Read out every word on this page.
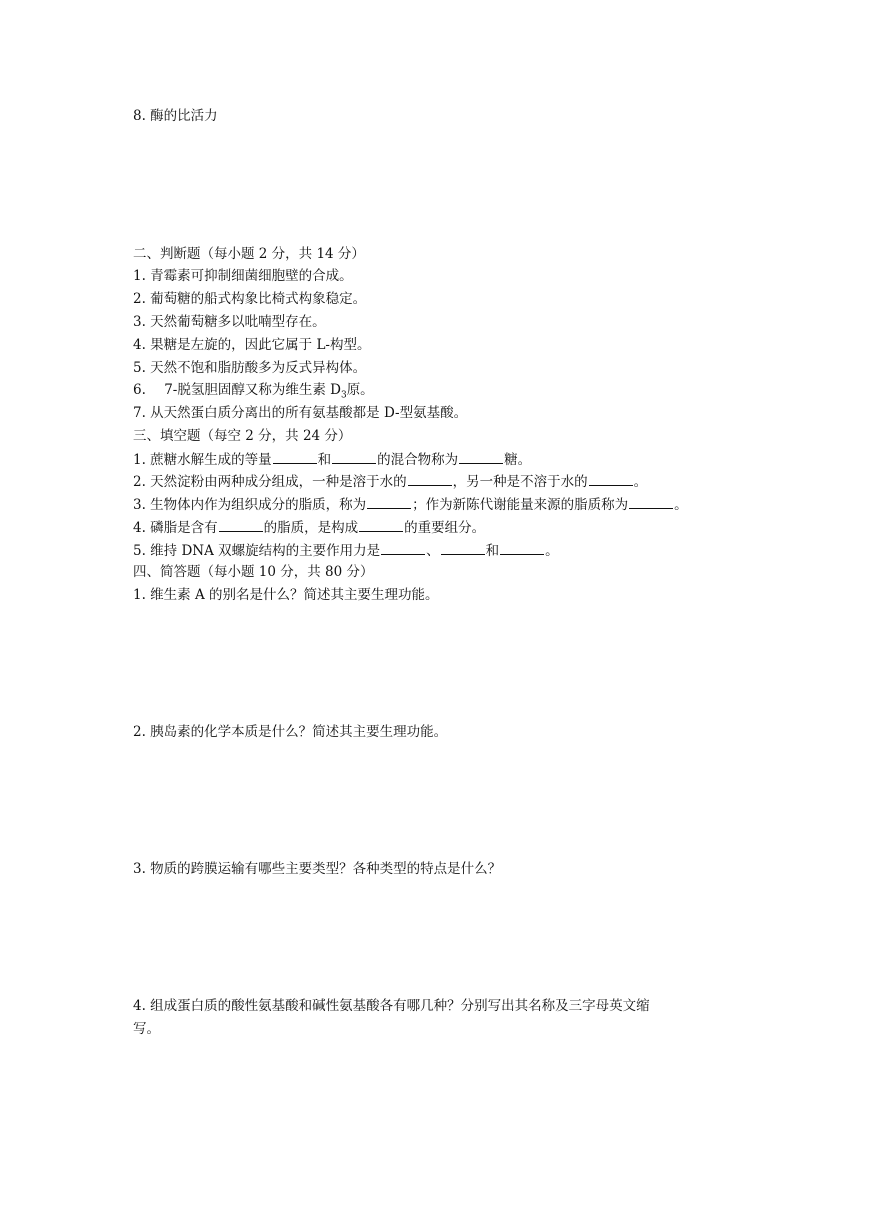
8. 酶的比活力
二、判断题（每小题 2 分，共 14 分）
1. 青霉素可抑制细菌细胞壁的合成。
2. 葡萄糖的船式构象比椅式构象稳定。
3. 天然葡萄糖多以吡喃型存在。
4. 果糖是左旋的，因此它属于 L-构型。
5. 天然不饱和脂肪酸多为反式异构体。
6. 7-脱氢胆固醇又称为维生素 $D_3$原。
7. 从天然蛋白质分离出的所有氨基酸都是 D-型氨基酸。
三、填空题（每空 2 分，共 24 分）
1. 蔗糖水解生成的等量	和	的混合物称为	糖。
2. 天然淀粉由两种成分组成，一种是溶于水的	，另一种是不溶于水的	。
3. 生物体内作为组织成分的脂质，称为	；作为新陈代谢能量来源的脂质称为	。
4. 磷脂是含有	的脂质，是构成	的重要组分。
5. 维持 DNA 双螺旋结构的主要作用力是	、	和	。
四、简答题（每小题 10 分，共 80 分）
1. 维生素 A 的别名是什么？简述其主要生理功能。
2. 胰岛素的化学本质是什么？简述其主要生理功能。
3. 物质的跨膜运输有哪些主要类型？各种类型的特点是什么？
4. 组成蛋白质的酸性氨基酸和碱性氨基酸各有哪几种？分别写出其名称及三字母英文缩
写。
